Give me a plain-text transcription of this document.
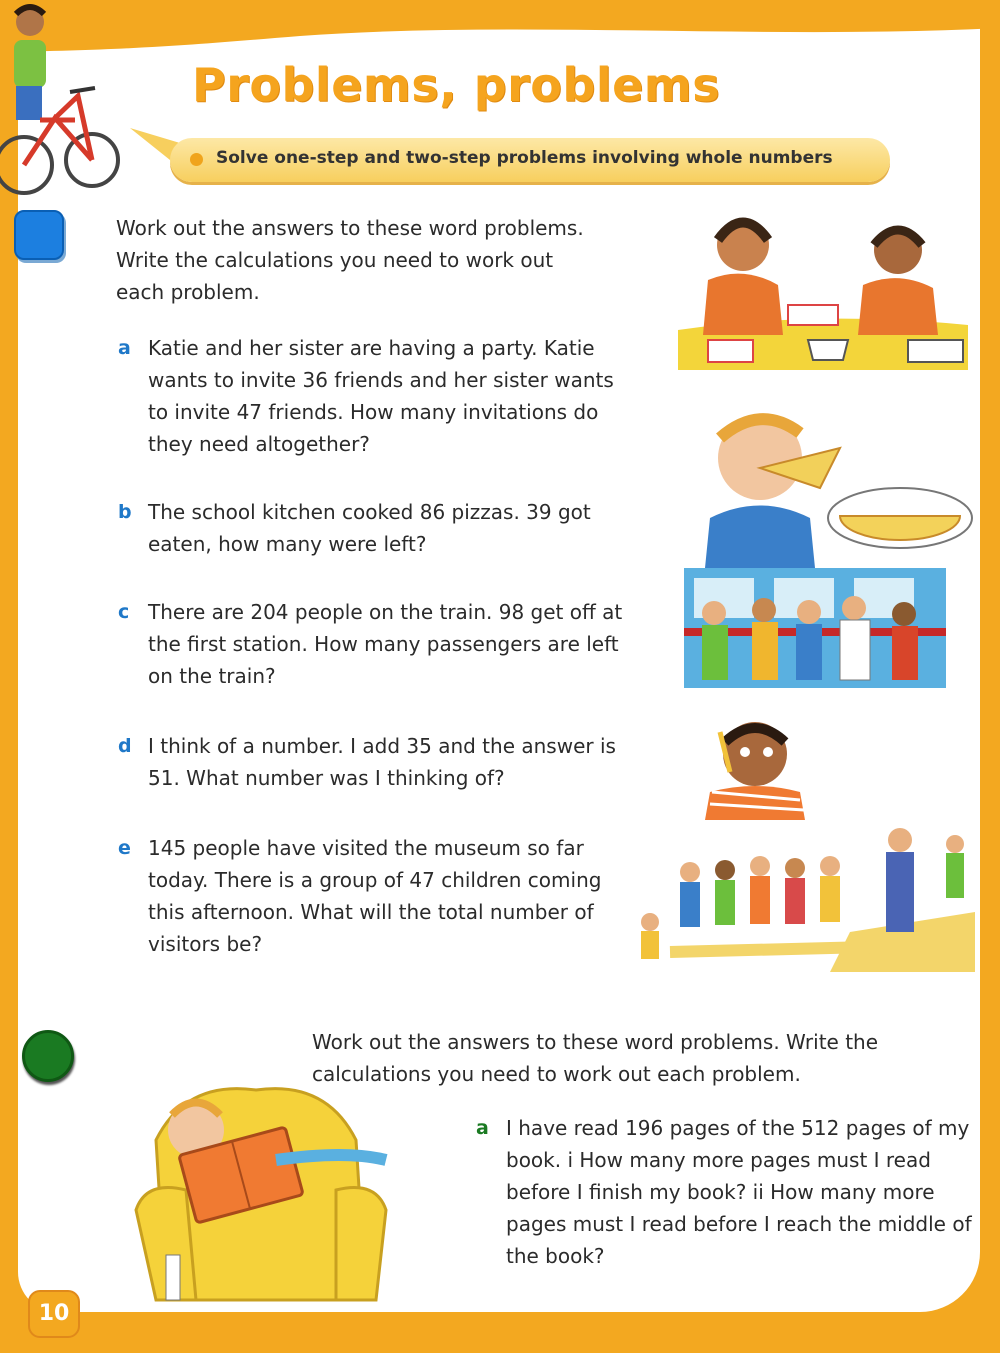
Problems, problems
Solve one-step and two-step problems involving whole numbers
Work out the answers to these word problems.
Write the calculations you need to work out
each problem.
a Katie and her sister are having a party. Katie
wants to invite 36 friends and her sister wants
to invite 47 friends. How many invitations do
they need altogether?
b The school kitchen cooked 86 pizzas. 39 got
eaten, how many were left?
c There are 204 people on the train. 98 get off at
the first station. How many passengers are left
on the train?
d I think of a number. I add 35 and the answer is
51. What number was I thinking of?
e 145 people have visited the museum so far
today. There is a group of 47 children coming
this afternoon. What will the total number of
visitors be?
Work out the answers to these word problems. Write the
calculations you need to work out each problem.
a I have read 196 pages of the 512 pages of my
book. i How many more pages must I read
before I finish my book? ii How many more
pages must I read before I reach the middle of
the book?
10
